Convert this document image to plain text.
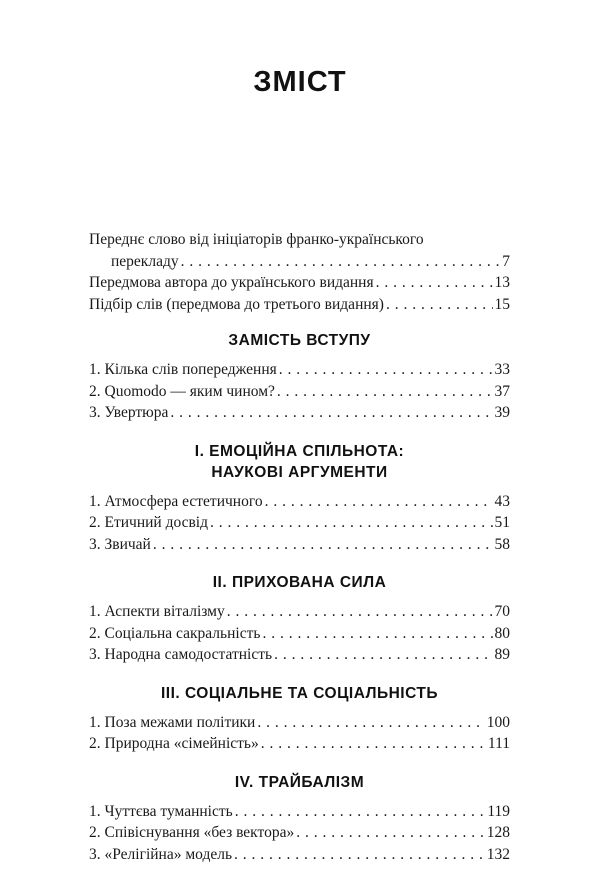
ЗМІСТ
Переднє слово від ініціаторів франко-українського
перекладу . . .	7
Передмова автора до українського видання . . .	13
Підбір слів (передмова до третього видання) . . .	15
ЗАМІСТЬ ВСТУПУ
1. Кілька слів попередження . . .	33
2. Quomodo — яким чином? . . .	37
3. Увертюра . . .	39
І. ЕМОЦІЙНА СПІЛЬНОТА:
НАУКОВІ АРГУМЕНТИ
1. Атмосфера естетичного . . .	43
2. Етичний досвід . . .	51
3. Звичай . . .	58
ІІ. ПРИХОВАНА СИЛА
1. Аспекти віталізму . . .	70
2. Соціальна сакральність . . .	80
3. Народна самодостатність . . .	89
ІІІ. СОЦІАЛЬНЕ ТА СОЦІАЛЬНІСТЬ
1. Поза межами політики . . .	100
2. Природна «сімейність» . . .	111
IV. ТРАЙБАЛІЗМ
1. Чуттєва туманність . . .	119
2. Співіснування «без вектора» . . .	128
3. «Релігійна» модель . . .	132
